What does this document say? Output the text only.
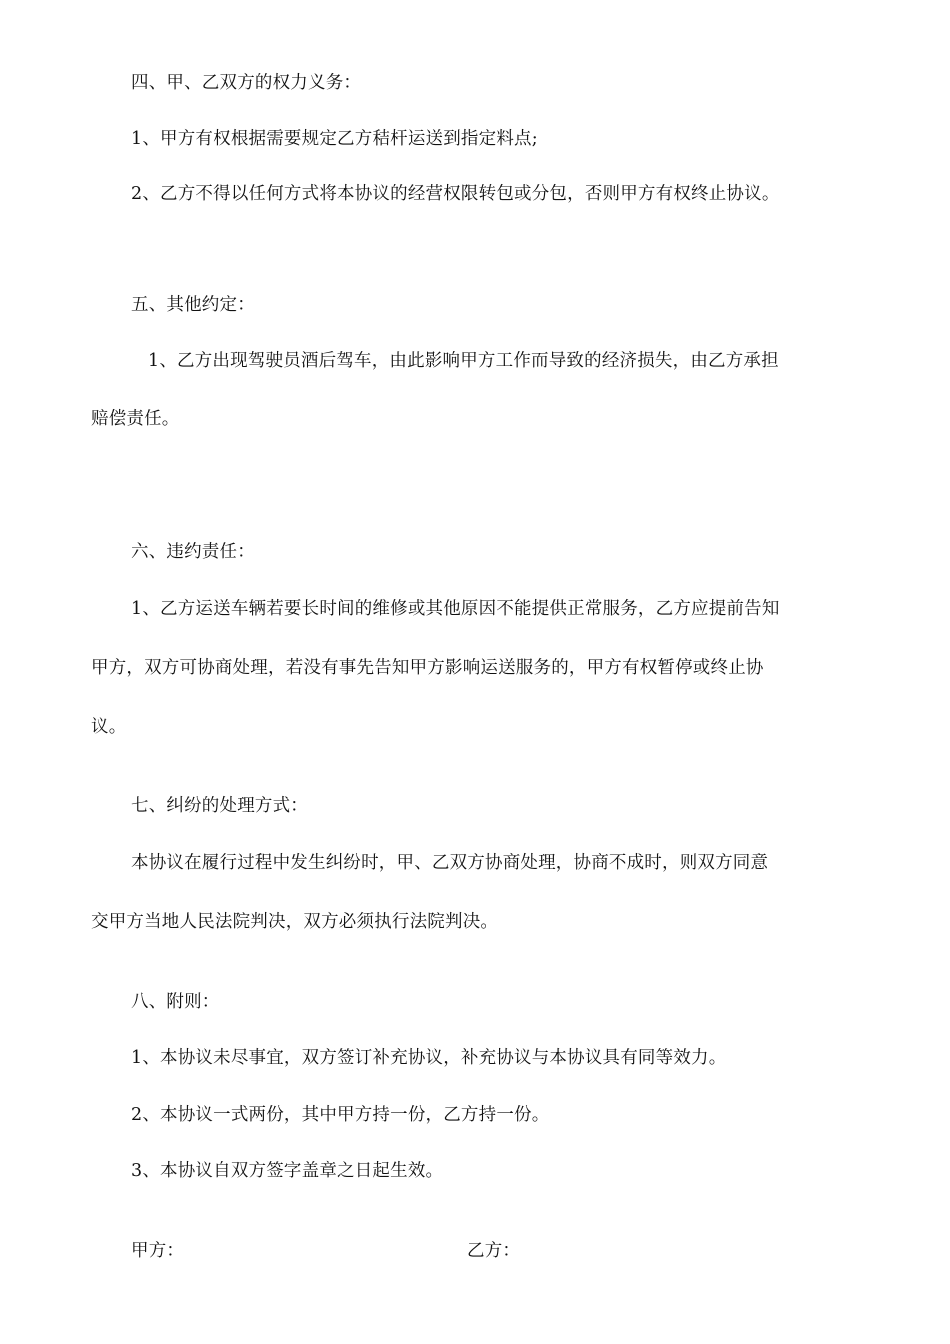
四、甲、乙双方的权力义务：
1、甲方有权根据需要规定乙方秸杆运送到指定料点;
2、乙方不得以任何方式将本协议的经营权限转包或分包，否则甲方有权终止协议。
五、其他约定：
1、乙方出现驾驶员酒后驾车，由此影响甲方工作而导致的经济损失，由乙方承担
赔偿责任。
六、违约责任：
1、乙方运送车辆若要长时间的维修或其他原因不能提供正常服务，乙方应提前告知
甲方，双方可协商处理，若没有事先告知甲方影响运送服务的，甲方有权暂停或终止协
议。
七、纠纷的处理方式：
本协议在履行过程中发生纠纷时，甲、乙双方协商处理，协商不成时，则双方同意
交甲方当地人民法院判决，双方必须执行法院判决。
八、附则：
1、本协议未尽事宜，双方签订补充协议，补充协议与本协议具有同等效力。
2、本协议一式两份，其中甲方持一份，乙方持一份。
3、本协议自双方签字盖章之日起生效。
甲方：	乙方：
